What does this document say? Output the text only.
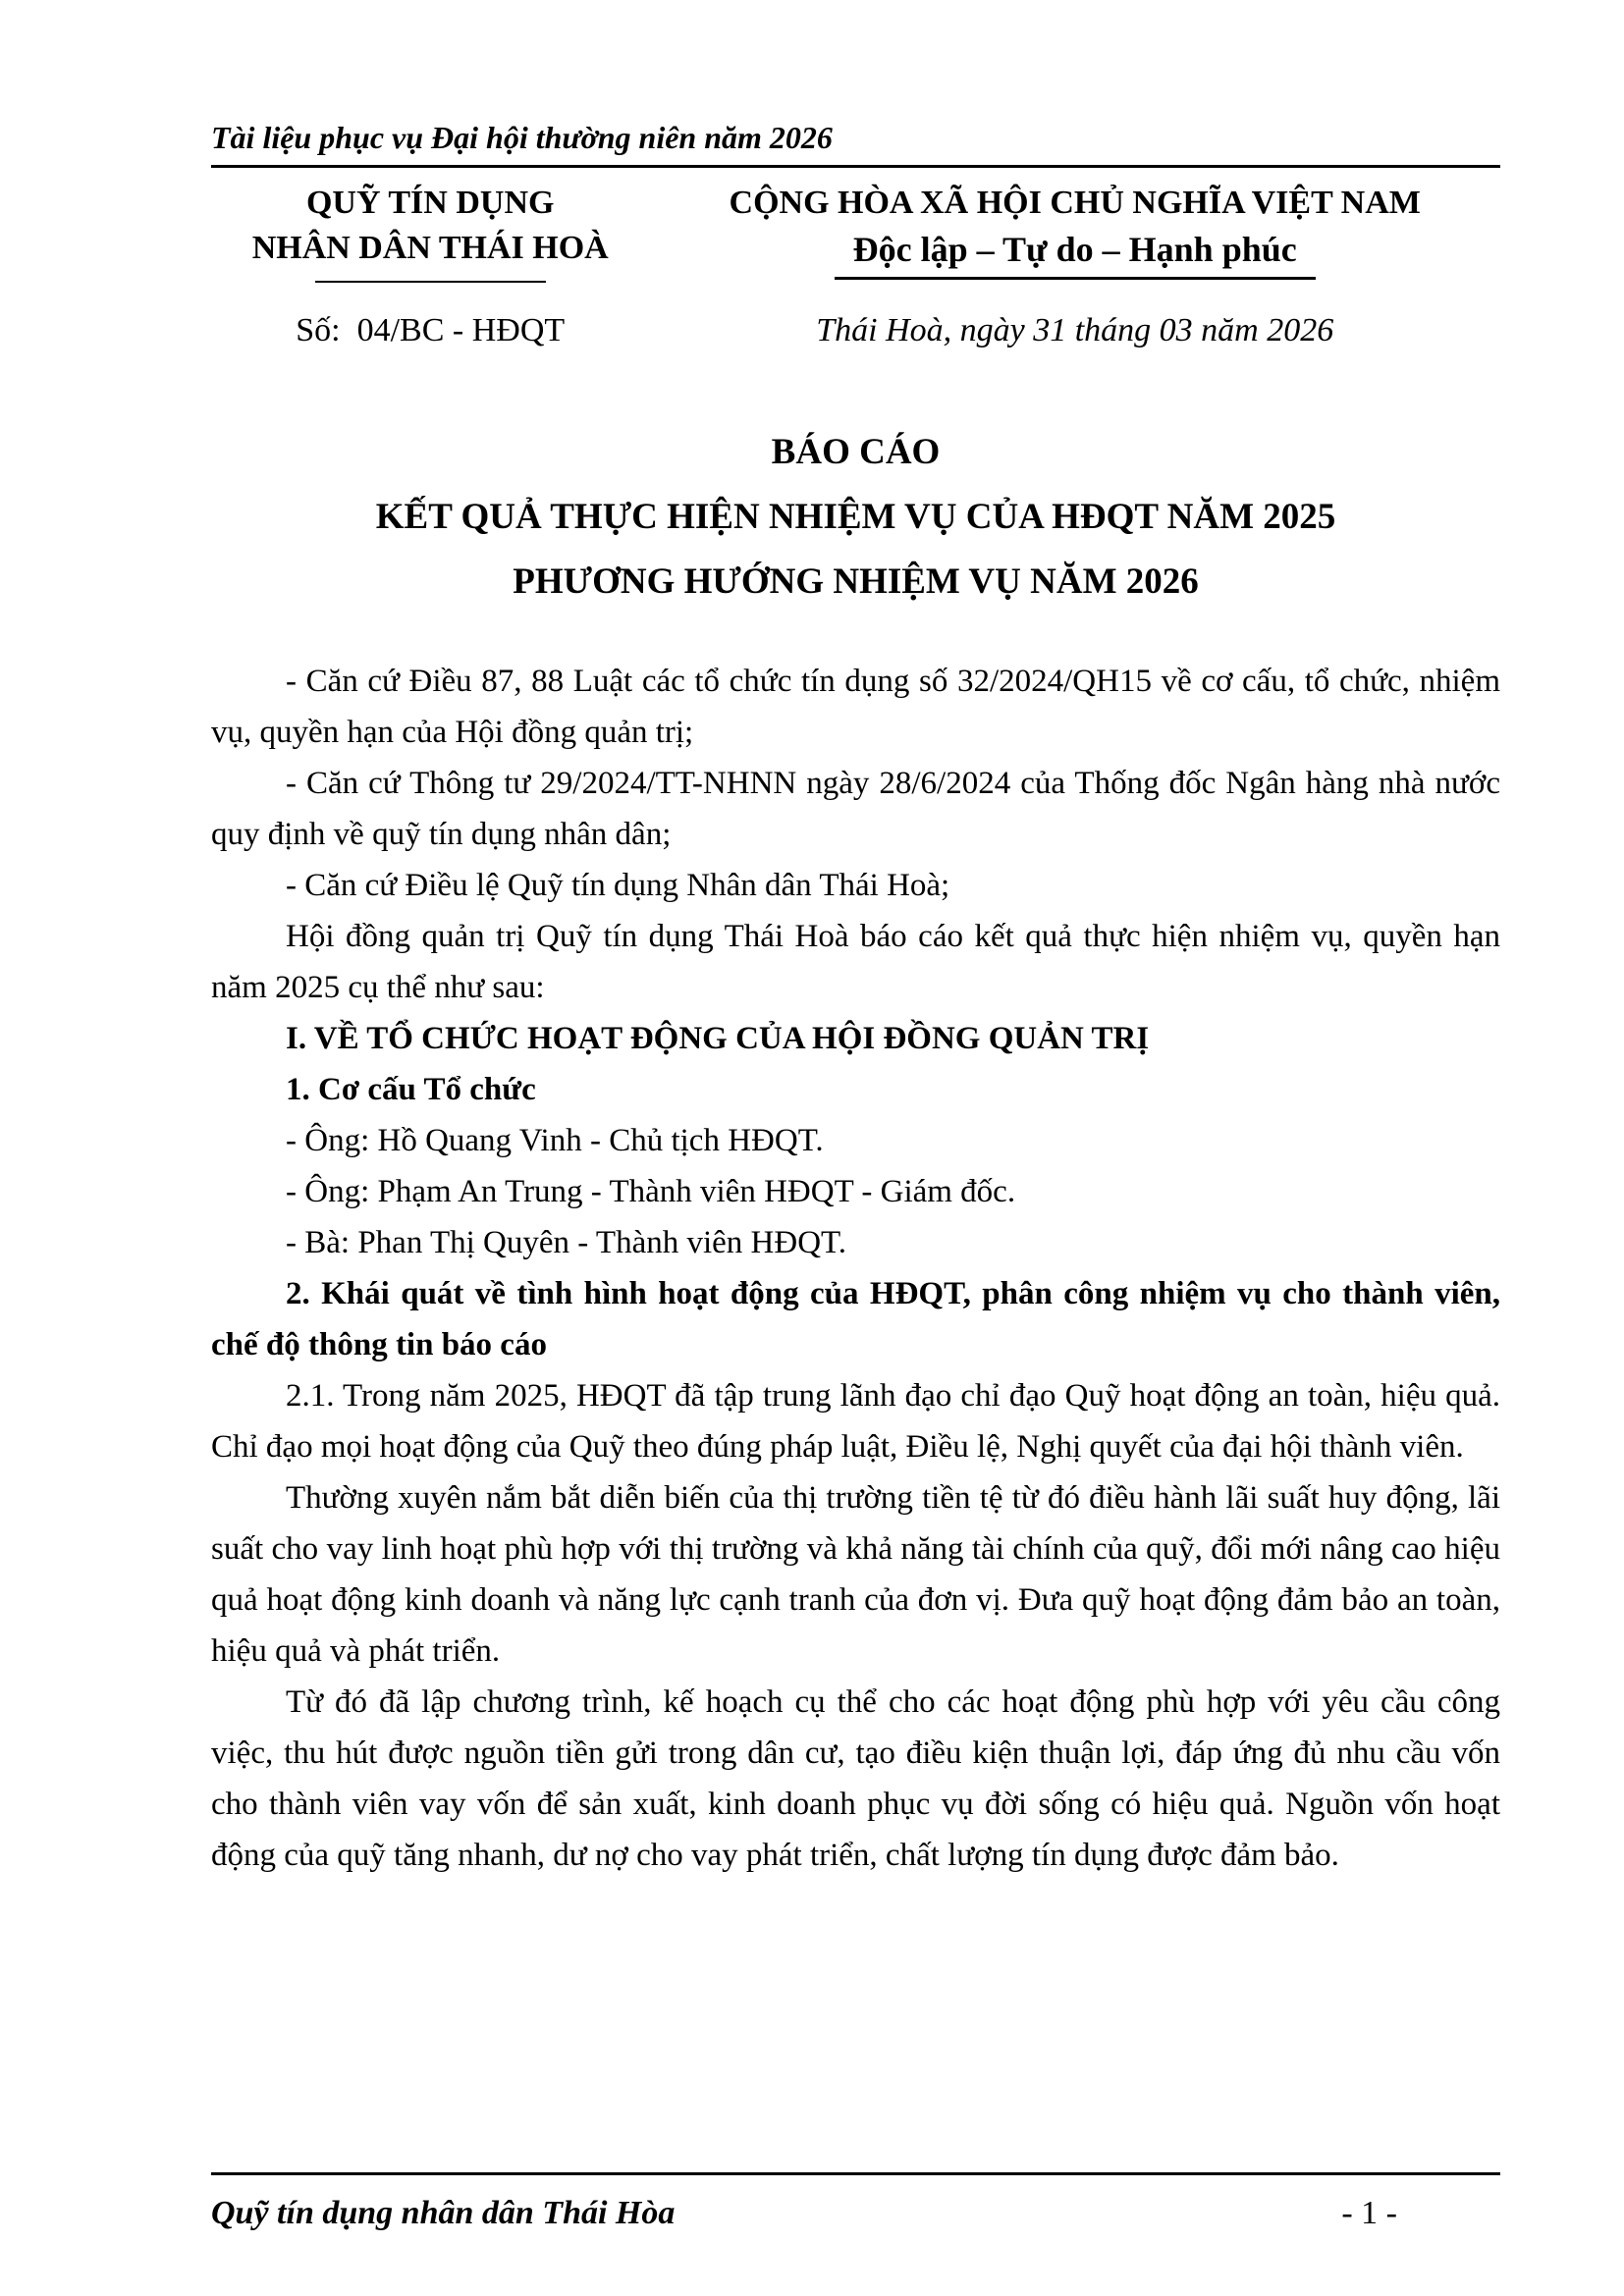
Tài liệu phục vụ Đại hội thường niên năm 2026
QUỸ TÍN DỤNG
NHÂN DÂN THÁI HOÀ
CỘNG HÒA XÃ HỘI CHỦ NGHĨA VIỆT NAM
Độc lập – Tự do – Hạnh phúc
Số:  04/BC - HĐQT	Thái Hoà, ngày 31 tháng 03 năm 2026
BÁO CÁO
KẾT QUẢ THỰC HIỆN NHIỆM VỤ CỦA HĐQT NĂM 2025
PHƯƠNG HƯỚNG NHIỆM VỤ NĂM 2026

- Căn cứ Điều 87, 88 Luật các tổ chức tín dụng số 32/2024/QH15 về cơ cấu, tổ chức, nhiệm vụ, quyền hạn của Hội đồng quản trị;

- Căn cứ Thông tư 29/2024/TT-NHNN ngày 28/6/2024 của Thống đốc Ngân hàng nhà nước quy định về quỹ tín dụng nhân dân;

- Căn cứ Điều lệ Quỹ tín dụng Nhân dân Thái Hoà;

Hội đồng quản trị Quỹ tín dụng Thái Hoà báo cáo kết quả thực hiện nhiệm vụ, quyền hạn năm 2025 cụ thể như sau:

I. VỀ TỔ CHỨC HOẠT ĐỘNG CỦA HỘI ĐỒNG QUẢN TRỊ

1. Cơ cấu Tổ chức

- Ông: Hồ Quang Vinh - Chủ tịch HĐQT.

- Ông: Phạm An Trung - Thành viên HĐQT - Giám đốc.

- Bà: Phan Thị Quyên - Thành viên HĐQT.

2. Khái quát về tình hình hoạt động của HĐQT, phân công nhiệm vụ cho thành viên, chế độ thông tin báo cáo

2.1. Trong năm 2025, HĐQT đã tập trung lãnh đạo chỉ đạo Quỹ hoạt động an toàn, hiệu quả. Chỉ đạo mọi hoạt động của Quỹ theo đúng pháp luật, Điều lệ, Nghị quyết của đại hội thành viên.

Thường xuyên nắm bắt diễn biến của thị trường tiền tệ từ đó điều hành lãi suất huy động, lãi suất cho vay linh hoạt phù hợp với thị trường và khả năng tài chính của quỹ, đổi mới nâng cao hiệu quả hoạt động kinh doanh và năng lực cạnh tranh của đơn vị. Đưa quỹ hoạt động đảm bảo an toàn, hiệu quả và phát triển.

Từ đó đã lập chương trình, kế hoạch cụ thể cho các hoạt động phù hợp với yêu cầu công việc, thu hút được nguồn tiền gửi trong dân cư, tạo điều kiện thuận lợi, đáp ứng đủ nhu cầu vốn cho thành viên vay vốn để sản xuất, kinh doanh phục vụ đời sống có hiệu quả. Nguồn vốn hoạt động của quỹ tăng nhanh, dư nợ cho vay phát triển, chất lượng tín dụng được đảm bảo.

Quỹ tín dụng nhân dân Thái Hòa	- 1 -
